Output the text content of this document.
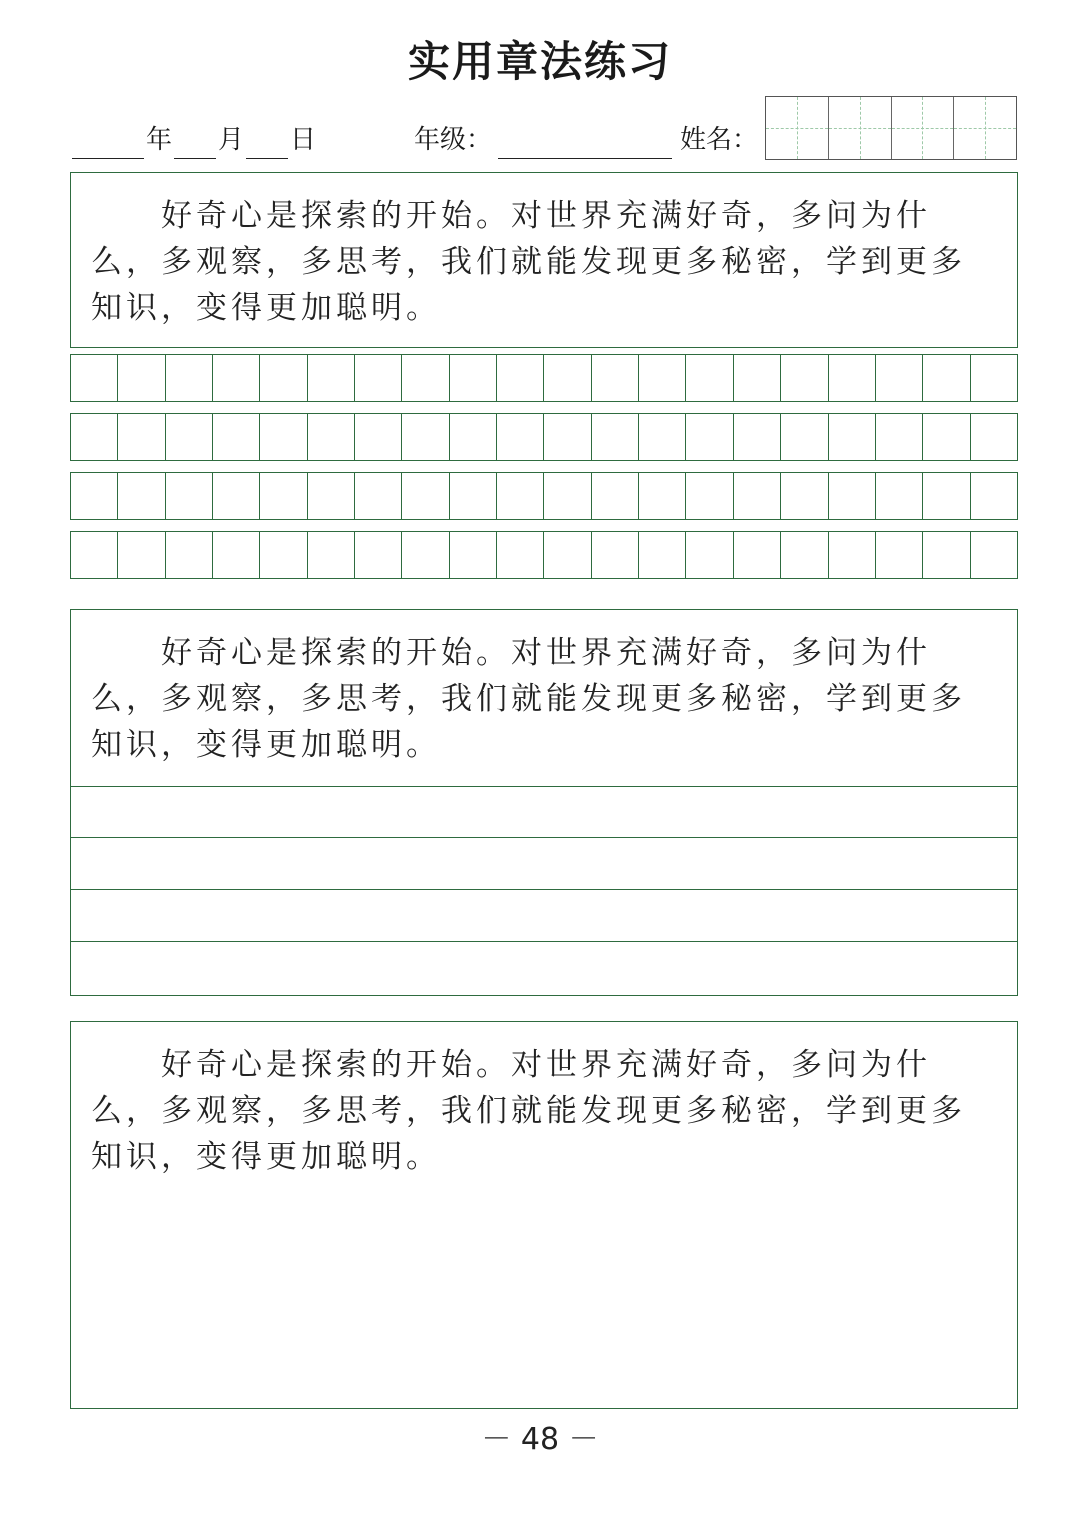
实用章法练习
年 月 日	年级：	姓名：
好奇心是探索的开始。对世界充满好奇，多问为什么，多观察，多思考，我们就能发现更多秘密，学到更多知识，变得更加聪明。
好奇心是探索的开始。对世界充满好奇，多问为什么，多观察，多思考，我们就能发现更多秘密，学到更多知识，变得更加聪明。
好奇心是探索的开始。对世界充满好奇，多问为什么，多观察，多思考，我们就能发现更多秘密，学到更多知识，变得更加聪明。
－ 48 －
